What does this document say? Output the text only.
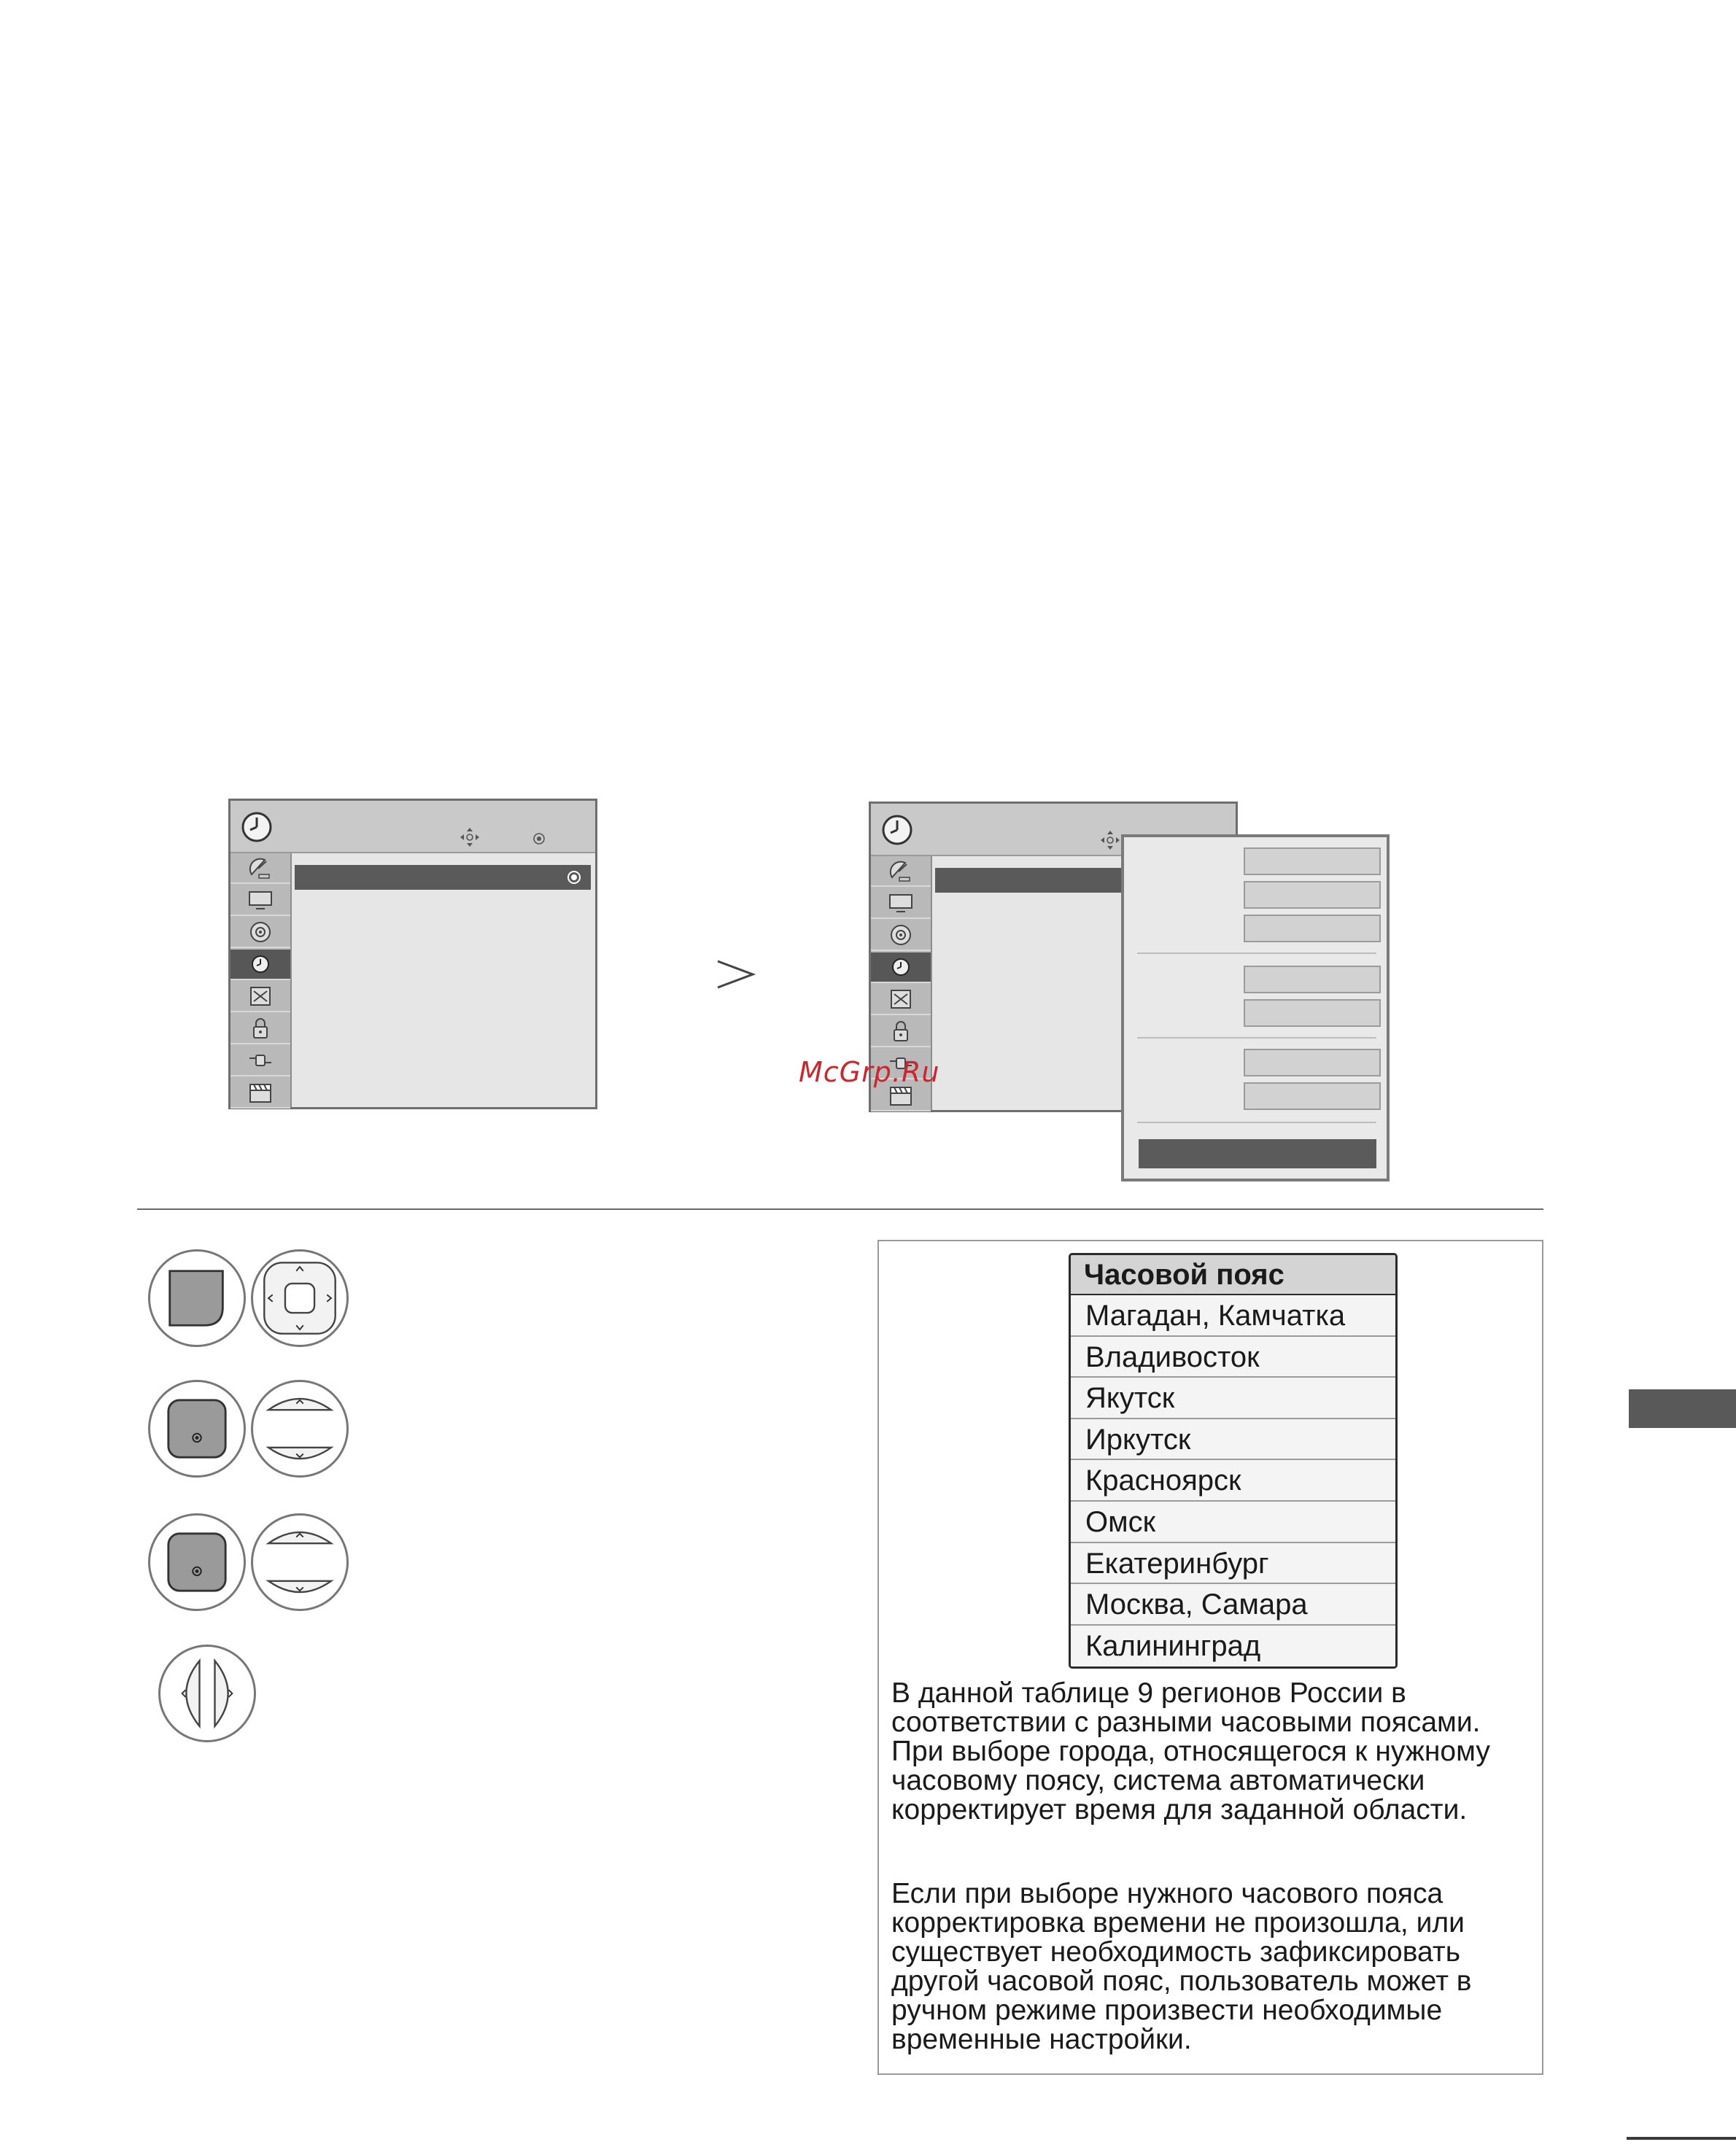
McGrp.Ru
Часовой пояс
Магадан, Камчатка
Владивосток
Якутск
Иркутск
Красноярск
Омск
Екатеринбург
Москва, Самара
Калининград
В данной таблице 9 регионов России в соответствии с разными часовыми поясами. При выборе города, относящегося к нужному часовому поясу, система автоматически корректирует время для заданной области.
Если при выборе нужного часового пояса корректировка времени не произошла, или существует необходимость зафиксировать другой часовой пояс, пользователь может в ручном режиме произвести необходимые временные настройки.
